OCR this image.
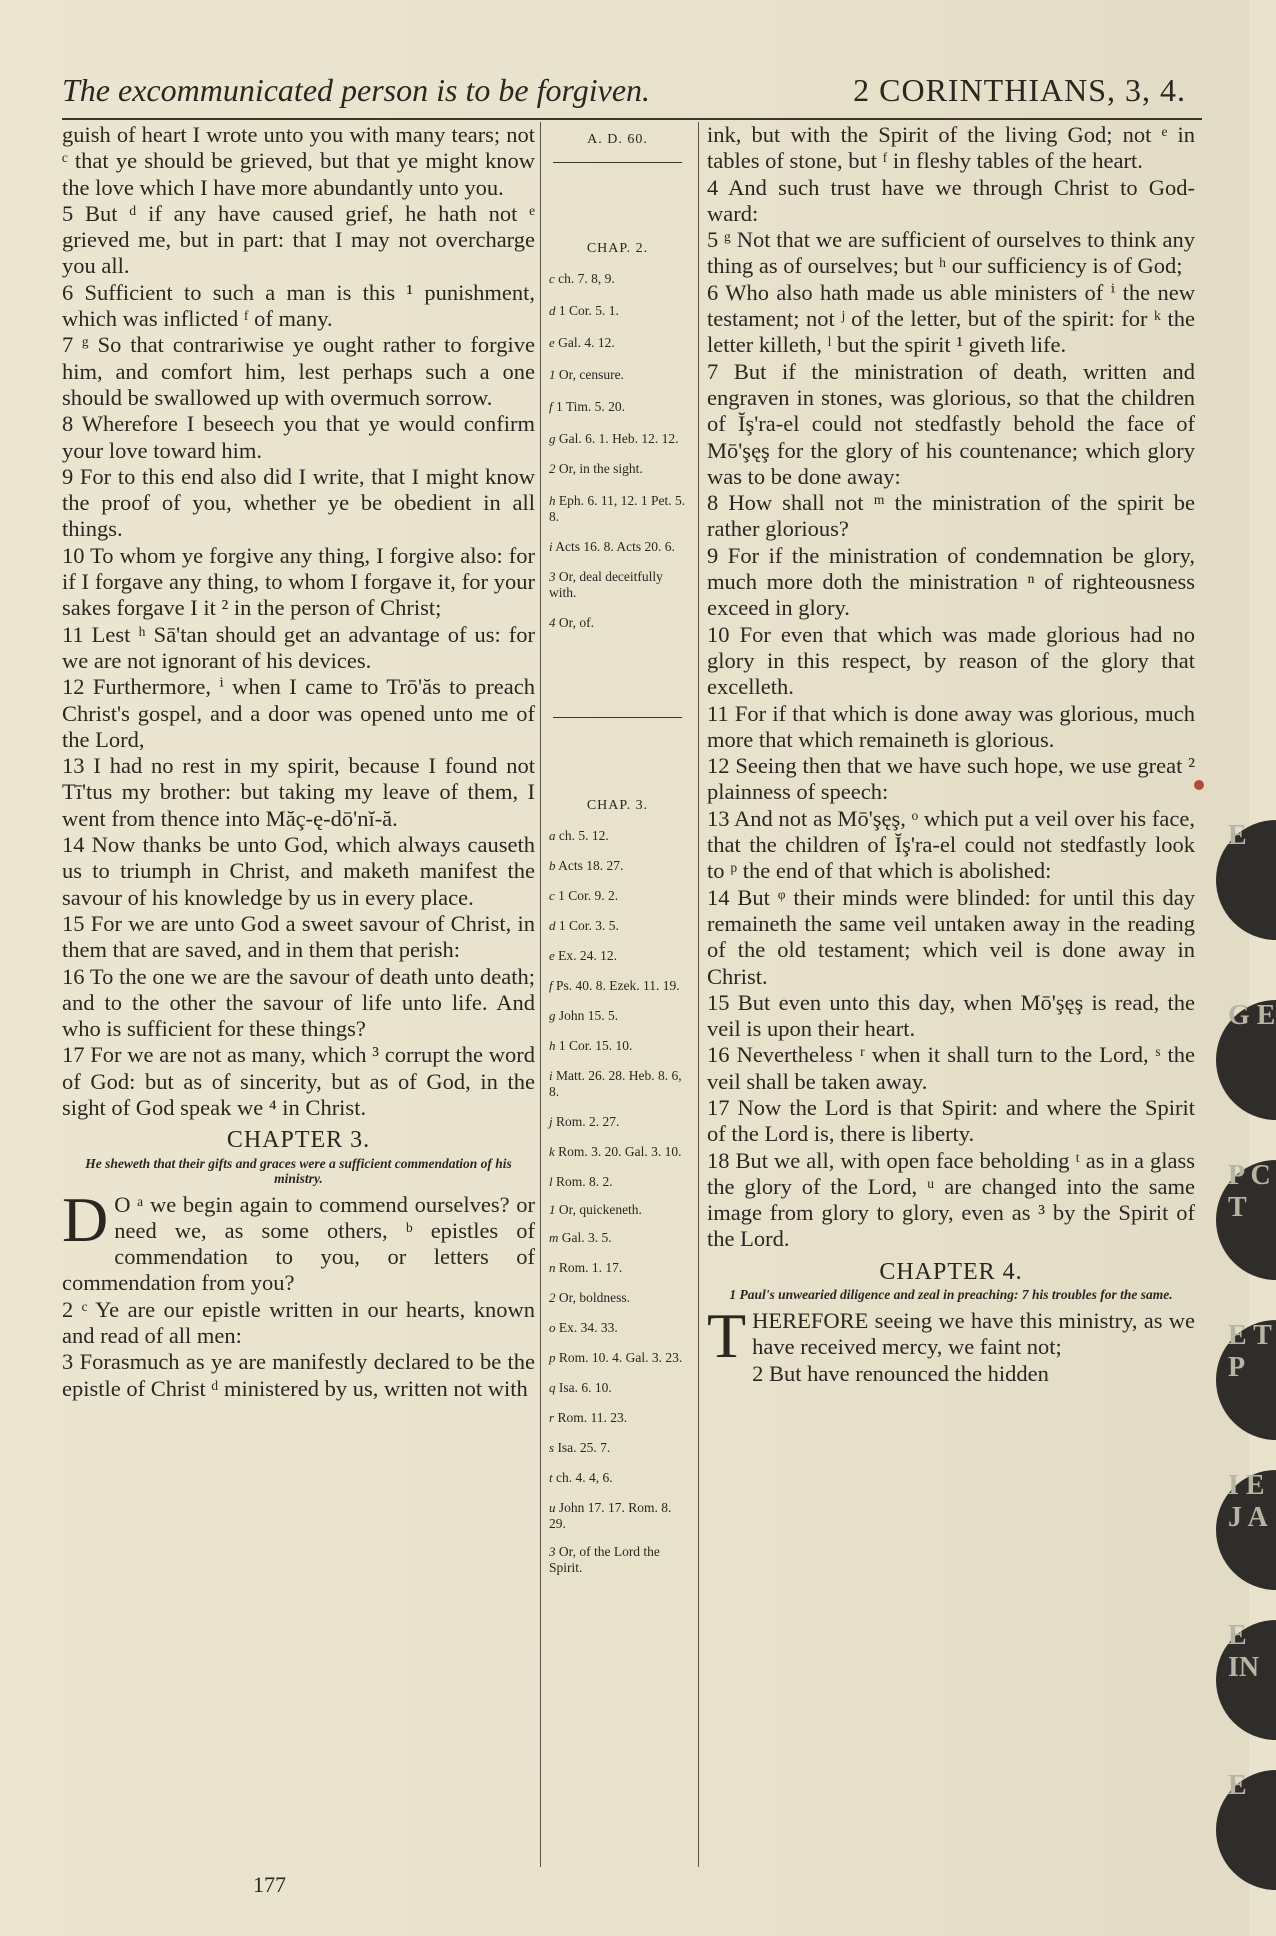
The excommunicated person is to be forgiven.	2 CORINTHIANS, 3, 4.

guish of heart I wrote unto you with many tears; not ᶜ that ye should be grieved, but that ye might know the love which I have more abundantly unto you.

5 But ᵈ if any have caused grief, he hath not ᵉ grieved me, but in part: that I may not overcharge you all.

6 Sufficient to such a man is this ¹ punishment, which was inflicted ᶠ of many.

7 ᵍ So that contrariwise ye ought rather to forgive him, and comfort him, lest perhaps such a one should be swallowed up with overmuch sorrow.

8 Wherefore I beseech you that ye would confirm your love toward him.

9 For to this end also did I write, that I might know the proof of you, whether ye be obedient in all things.

10 To whom ye forgive any thing, I forgive also: for if I forgave any thing, to whom I forgave it, for your sakes forgave I it ² in the person of Christ;

11 Lest ʰ Sā'tan should get an advantage of us: for we are not ignorant of his devices.

12 Furthermore, ⁱ when I came to Trō'ăs to preach Christ's gospel, and a door was opened unto me of the Lord,

13 I had no rest in my spirit, because I found not Tī'tus my brother: but taking my leave of them, I went from thence into Măç-ę-dō'nĭ-ă.

14 Now thanks be unto God, which always causeth us to triumph in Christ, and maketh manifest the savour of his knowledge by us in every place.

15 For we are unto God a sweet savour of Christ, in them that are saved, and in them that perish:

16 To the one we are the savour of death unto death; and to the other the savour of life unto life. And who is sufficient for these things?

17 For we are not as many, which ³ corrupt the word of God: but as of sincerity, but as of God, in the sight of God speak we ⁴ in Christ.

CHAPTER 3.

He sheweth that their gifts and graces were a sufficient commendation of his ministry.

D O ᵃ we begin again to commend ourselves? or need we, as some others, ᵇ epistles of commendation to you, or letters of commendation from you?

2 ᶜ Ye are our epistle written in our hearts, known and read of all men:

3 Forasmuch as ye are manifestly declared to be the epistle of Christ ᵈ ministered by us, written not with

A. D. 60.
CHAP. 2.
c ch. 7. 8, 9.
d 1 Cor. 5. 1.
e Gal. 4. 12.
1 Or, censure.
f 1 Tim. 5. 20.
g Gal. 6. 1. Heb. 12. 12.
2 Or, in the sight.
h Eph. 6. 11, 12. 1 Pet. 5. 8.
i Acts 16. 8. Acts 20. 6.
3 Or, deal deceitfully with.
4 Or, of.
CHAP. 3.
a ch. 5. 12.
b Acts 18. 27.
c 1 Cor. 9. 2.
d 1 Cor. 3. 5.
e Ex. 24. 12.
f Ps. 40. 8. Ezek. 11. 19.
g John 15. 5.
h 1 Cor. 15. 10.
i Matt. 26. 28. Heb. 8. 6, 8.
j Rom. 2. 27.
k Rom. 3. 20. Gal. 3. 10.
l Rom. 8. 2.
1 Or, quickeneth.
m Gal. 3. 5.
n Rom. 1. 17.
2 Or, boldness.
o Ex. 34. 33.
p Rom. 10. 4. Gal. 3. 23.
q Isa. 6. 10.
r Rom. 11. 23.
s Isa. 25. 7.
t ch. 4. 4, 6.
u John 17. 17. Rom. 8. 29.
3 Or, of the Lord the Spirit.

ink, but with the Spirit of the living God; not ᵉ in tables of stone, but ᶠ in fleshy tables of the heart.

4 And such trust have we through Christ to God-ward:

5 ᵍ Not that we are sufficient of ourselves to think any thing as of ourselves; but ʰ our sufficiency is of God;

6 Who also hath made us able ministers of ⁱ the new testament; not ʲ of the letter, but of the spirit: for ᵏ the letter killeth, ˡ but the spirit ¹ giveth life.

7 But if the ministration of death, written and engraven in stones, was glorious, so that the children of Ĭş'ra-el could not stedfastly behold the face of Mō'şęş for the glory of his countenance; which glory was to be done away:

8 How shall not ᵐ the ministration of the spirit be rather glorious?

9 For if the ministration of condemnation be glory, much more doth the ministration ⁿ of righteousness exceed in glory.

10 For even that which was made glorious had no glory in this respect, by reason of the glory that excelleth.

11 For if that which is done away was glorious, much more that which remaineth is glorious.

12 Seeing then that we have such hope, we use great ² plainness of speech:

13 And not as Mō'şęş, ᵒ which put a veil over his face, that the children of Ĭş'ra-el could not stedfastly look to ᵖ the end of that which is abolished:

14 But ᵠ their minds were blinded: for until this day remaineth the same veil untaken away in the reading of the old testament; which veil is done away in Christ.

15 But even unto this day, when Mō'şęş is read, the veil is upon their heart.

16 Nevertheless ʳ when it shall turn to the Lord, ˢ the veil shall be taken away.

17 Now the Lord is that Spirit: and where the Spirit of the Lord is, there is liberty.

18 But we all, with open face beholding ᵗ as in a glass the glory of the Lord, ᵘ are changed into the same image from glory to glory, even as ³ by the Spirit of the Lord.

CHAPTER 4.

1 Paul's unwearied diligence and zeal in preaching: 7 his troubles for the same.

THEREFORE seeing we have this ministry, as we have received mercy, we faint not;

2 But have renounced the hidden

177
E
G E
P C T
E T P
I E J A
E IN
E
